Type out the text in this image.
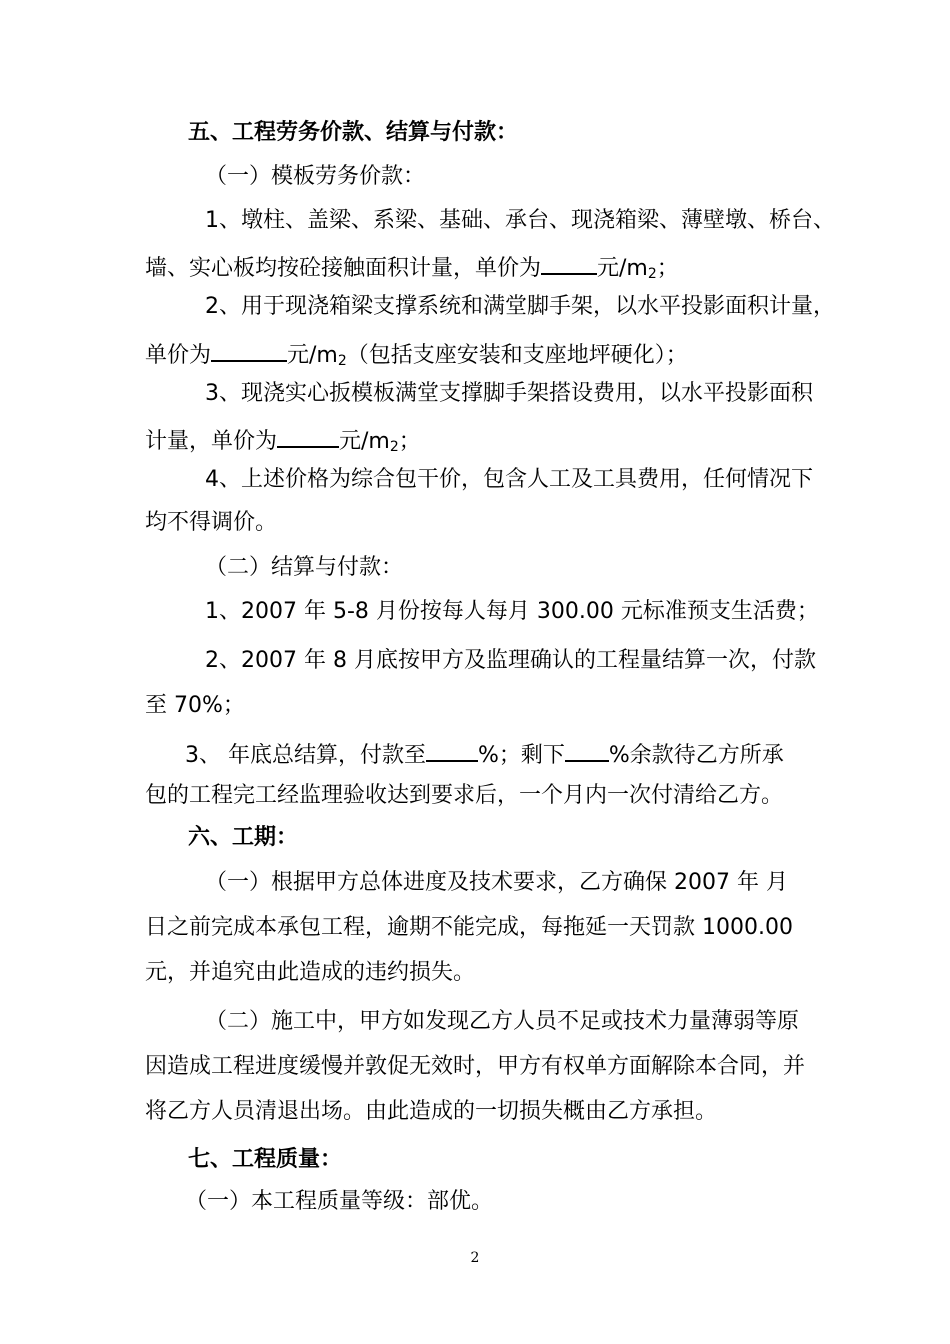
五、工程劳务价款、结算与付款：
（一）模板劳务价款：
1、墩柱、盖梁、系梁、基础、承台、现浇箱梁、薄壁墩、桥台、
墙、实心板均按砼接触面积计量，单价为	元$/m_2$；
2、用于现浇箱梁支撑系统和满堂脚手架，以水平投影面积计量，
单价为	元$/m_2$（包括支座安装和支座地坪硬化）；
3、现浇实心扳模板满堂支撑脚手架搭设费用，以水平投影面积
计量，单价为	元$/m_2$；
4、上述价格为综合包干价，包含人工及工具费用，任何情况下
均不得调价。
（二）结算与付款：
1、2007 年 5-8 月份按每人每月 300.00 元标准预支生活费；
2、2007 年 8 月底按甲方及监理确认的工程量结算一次，付款
至 70%；
3、 年底总结算，付款至 %；剩下 %余款待乙方所承
包的工程完工经监理验收达到要求后，一个月内一次付清给乙方。
六、工期：
（一）根据甲方总体进度及技术要求，乙方确保 2007 年 月
日之前完成本承包工程，逾期不能完成，每拖延一天罚款 1000.00
元，并追究由此造成的违约损失。
（二）施工中，甲方如发现乙方人员不足或技术力量薄弱等原
因造成工程进度缓慢并敦促无效时，甲方有权单方面解除本合同，并
将乙方人员清退出场。由此造成的一切损失概由乙方承担。
七、工程质量：
（一）本工程质量等级：部优。
2
